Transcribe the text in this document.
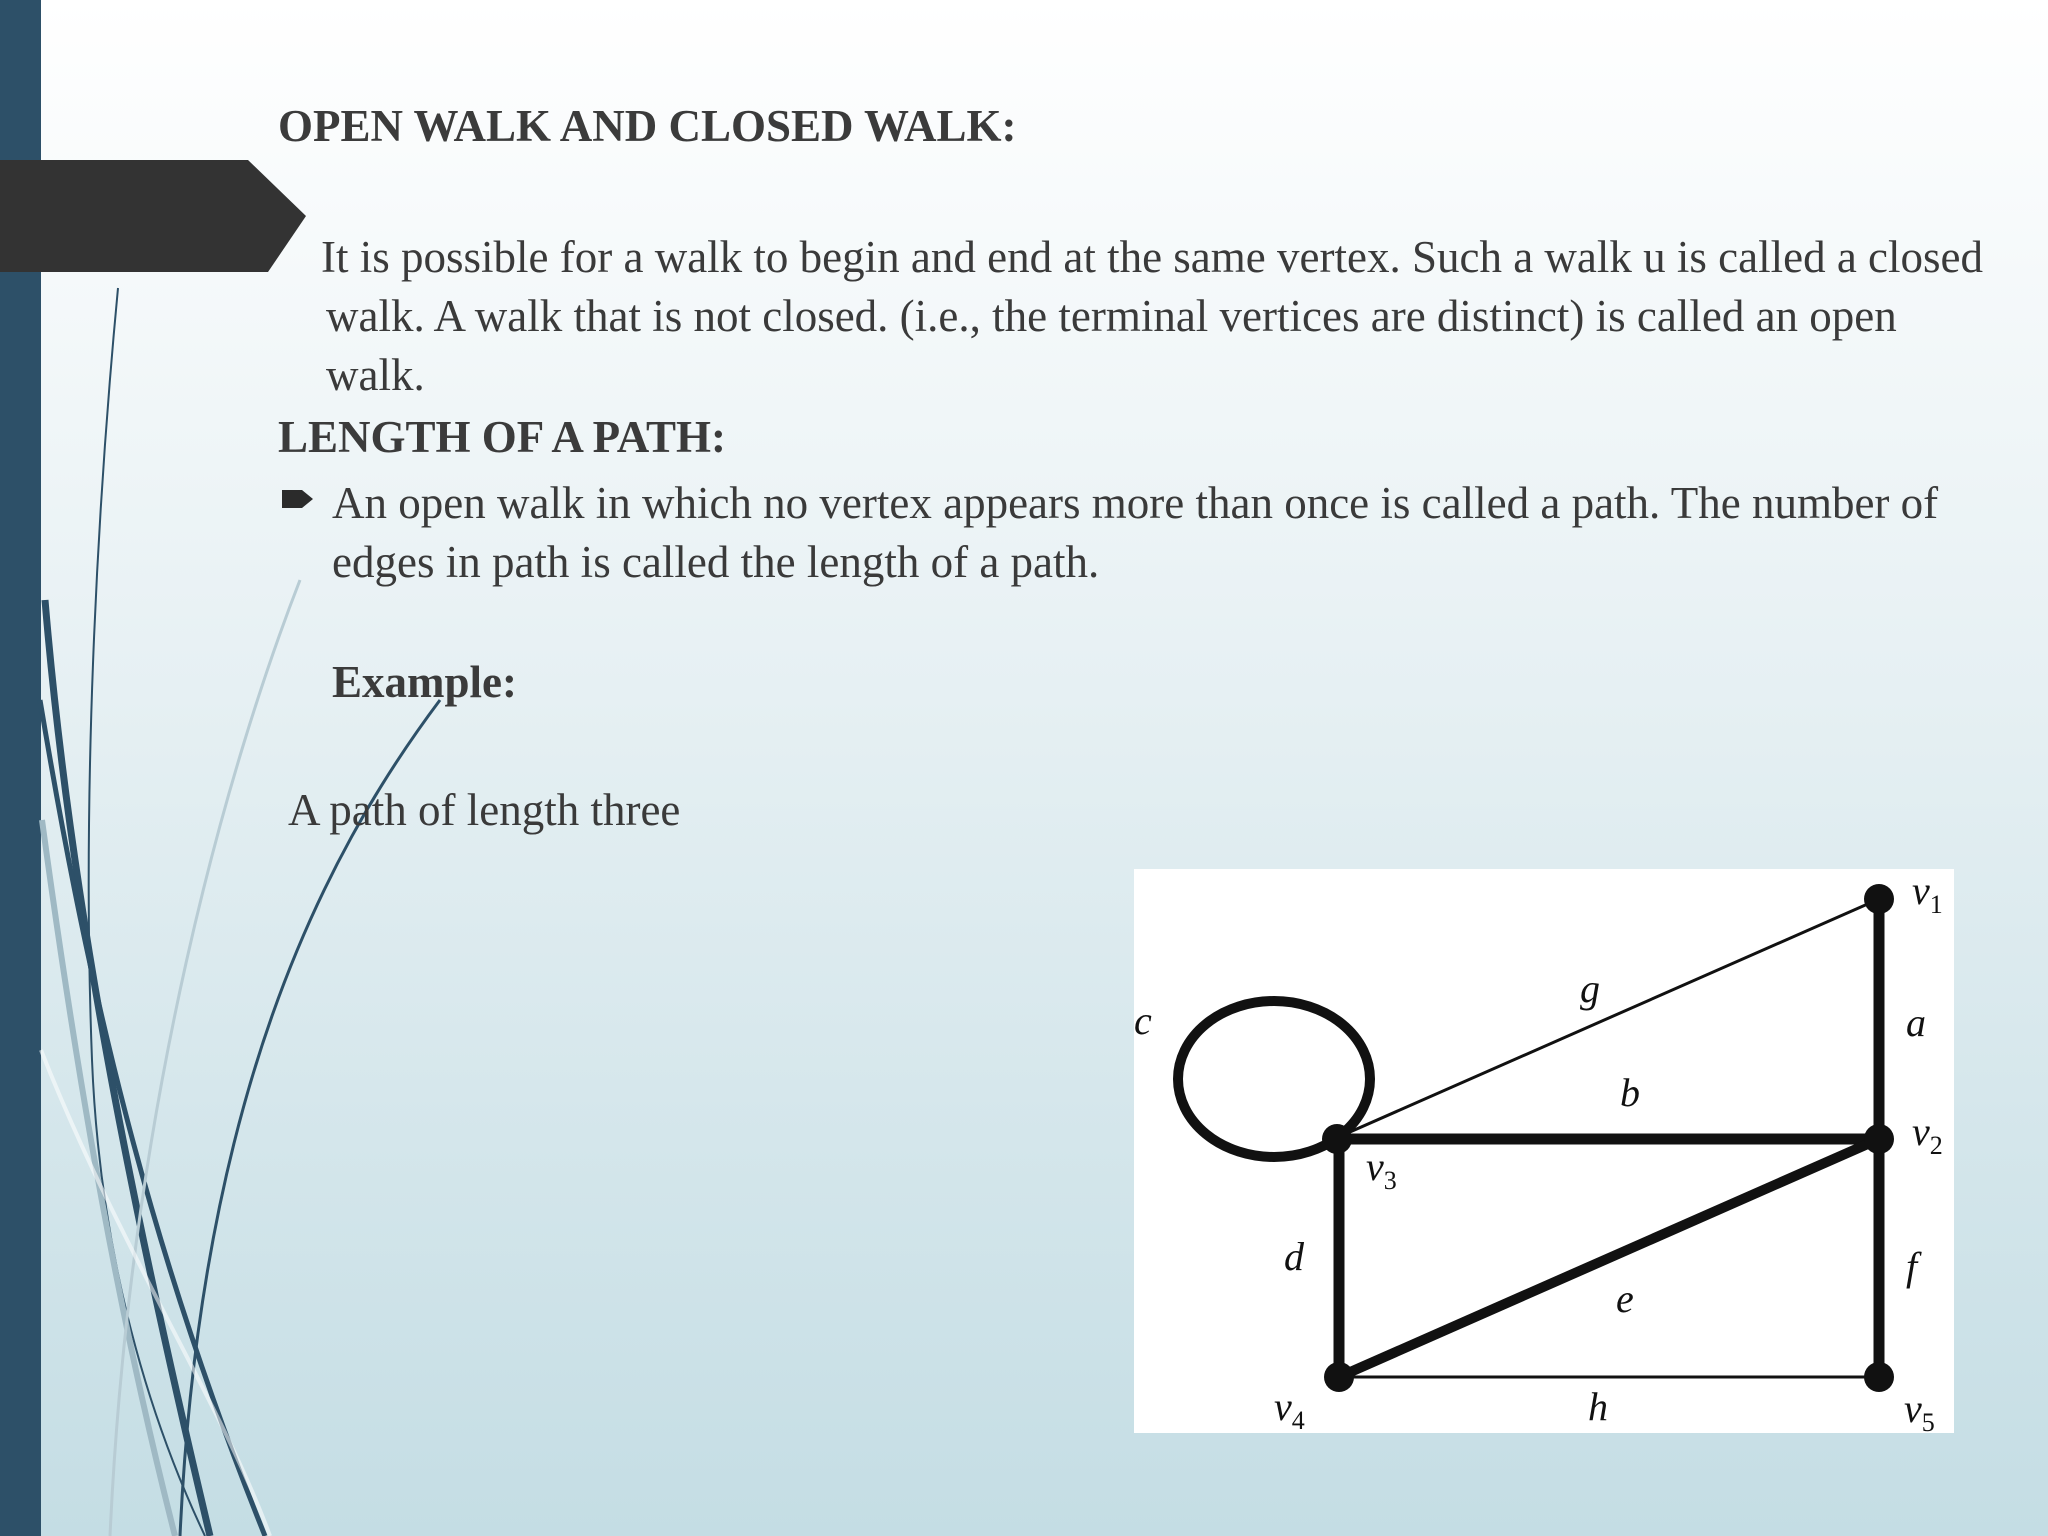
OPEN WALK AND CLOSED WALK:
It is possible for a walk to begin and end at the same vertex. Such a walk u is called a closed walk. A walk that is not closed. (i.e., the terminal vertices are distinct) is called an open walk.
LENGTH OF A PATH:
An open walk in which no vertex appears more than once is called a path. The number of edges in path is called the length of a path.
Example:
A path of length three
$v_1$
$v_2$
$v_3$
$v_4$	$v_5$
a
b
c
d
e
f
g
h
